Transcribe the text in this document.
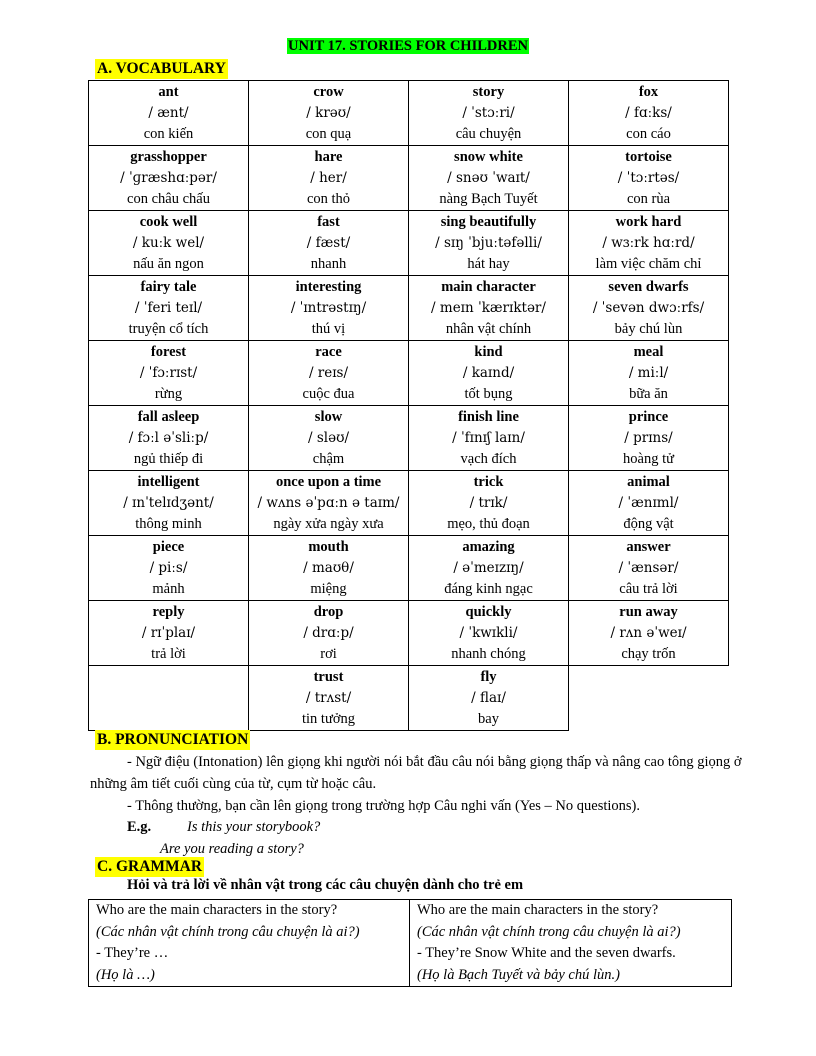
UNIT 17. STORIES FOR CHILDREN
A. VOCABULARY
ant
/ ænt/
con kiến	crow
/ krəʊ/
con quạ	story
/ ˈstɔːri/
câu chuyện	fox
/ fɑːks/
con cáo

grasshopper
/ ˈɡræshɑːpər/
con châu chấu	hare
/ her/
con thỏ	snow white
/ snəʊ ˈwaɪt/
nàng Bạch Tuyết	tortoise
/ ˈtɔːrtəs/
con rùa

cook well
/ kuːk wel/
nấu ăn ngon	fast
/ fæst/
nhanh	sing beautifully
/ sɪŋ ˈbjuːtəfəlli/
hát hay	work hard
/ wɜːrk hɑːrd/
làm việc chăm chỉ

fairy tale
/ ˈferi teɪl/
truyện cổ tích	interesting
/ ˈɪntrəstɪŋ/
thú vị	main character
/ meɪn ˈkærɪktər/
nhân vật chính	seven dwarfs
/ ˈsevən dwɔːrfs/
bảy chú lùn

forest
/ ˈfɔːrɪst/
rừng	race
/ reɪs/
cuộc đua	kind
/ kaɪnd/
tốt bụng	meal
/ miːl/
bữa ăn

fall asleep
/ fɔːl əˈsliːp/
ngủ thiếp đi	slow
/ sləʊ/
chậm	finish line
/ ˈfɪnɪʃ laɪn/
vạch đích	prince
/ prɪns/
hoàng tử

intelligent
/ ɪnˈtelɪdʒənt/
thông minh	once upon a time
/ wʌns əˈpɑːn ə taɪm/
ngày xửa ngày xưa	trick
/ trɪk/
mẹo, thủ đoạn	animal
/ ˈænɪml/
động vật

piece
/ piːs/
mảnh	mouth
/ maʊθ/
miệng	amazing
/ əˈmeɪzɪŋ/
đáng kinh ngạc	answer
/ ˈænsər/
câu trả lời

reply
/ rɪˈplaɪ/
trả lời	drop
/ drɑːp/
rơi	quickly
/ ˈkwɪkli/
nhanh chóng	run away
/ rʌn əˈweɪ/
chạy trốn

	trust
/ trʌst/
tin tưởng	fly
/ flaɪ/
bay	

B. PRONUNCIATION
- Ngữ điệu (Intonation) lên giọng khi người nói bắt đầu câu nói bằng giọng thấp và nâng cao tông giọng ở những âm tiết cuối cùng của từ, cụm từ hoặc câu.
- Thông thường, bạn cần lên giọng trong trường hợp Câu nghi vấn (Yes – No questions).
E.g. Is this your storybook?
Are you reading a story?
C. GRAMMAR
Hỏi và trả lời về nhân vật trong các câu chuyện dành cho trẻ em
Who are the main characters in the story?
(Các nhân vật chính trong câu chuyện là ai?)
- They’re …
(Họ là …)

Who are the main characters in the story?
(Các nhân vật chính trong câu chuyện là ai?)
- They’re Snow White and the seven dwarfs.
(Họ là Bạch Tuyết và bảy chú lùn.)
